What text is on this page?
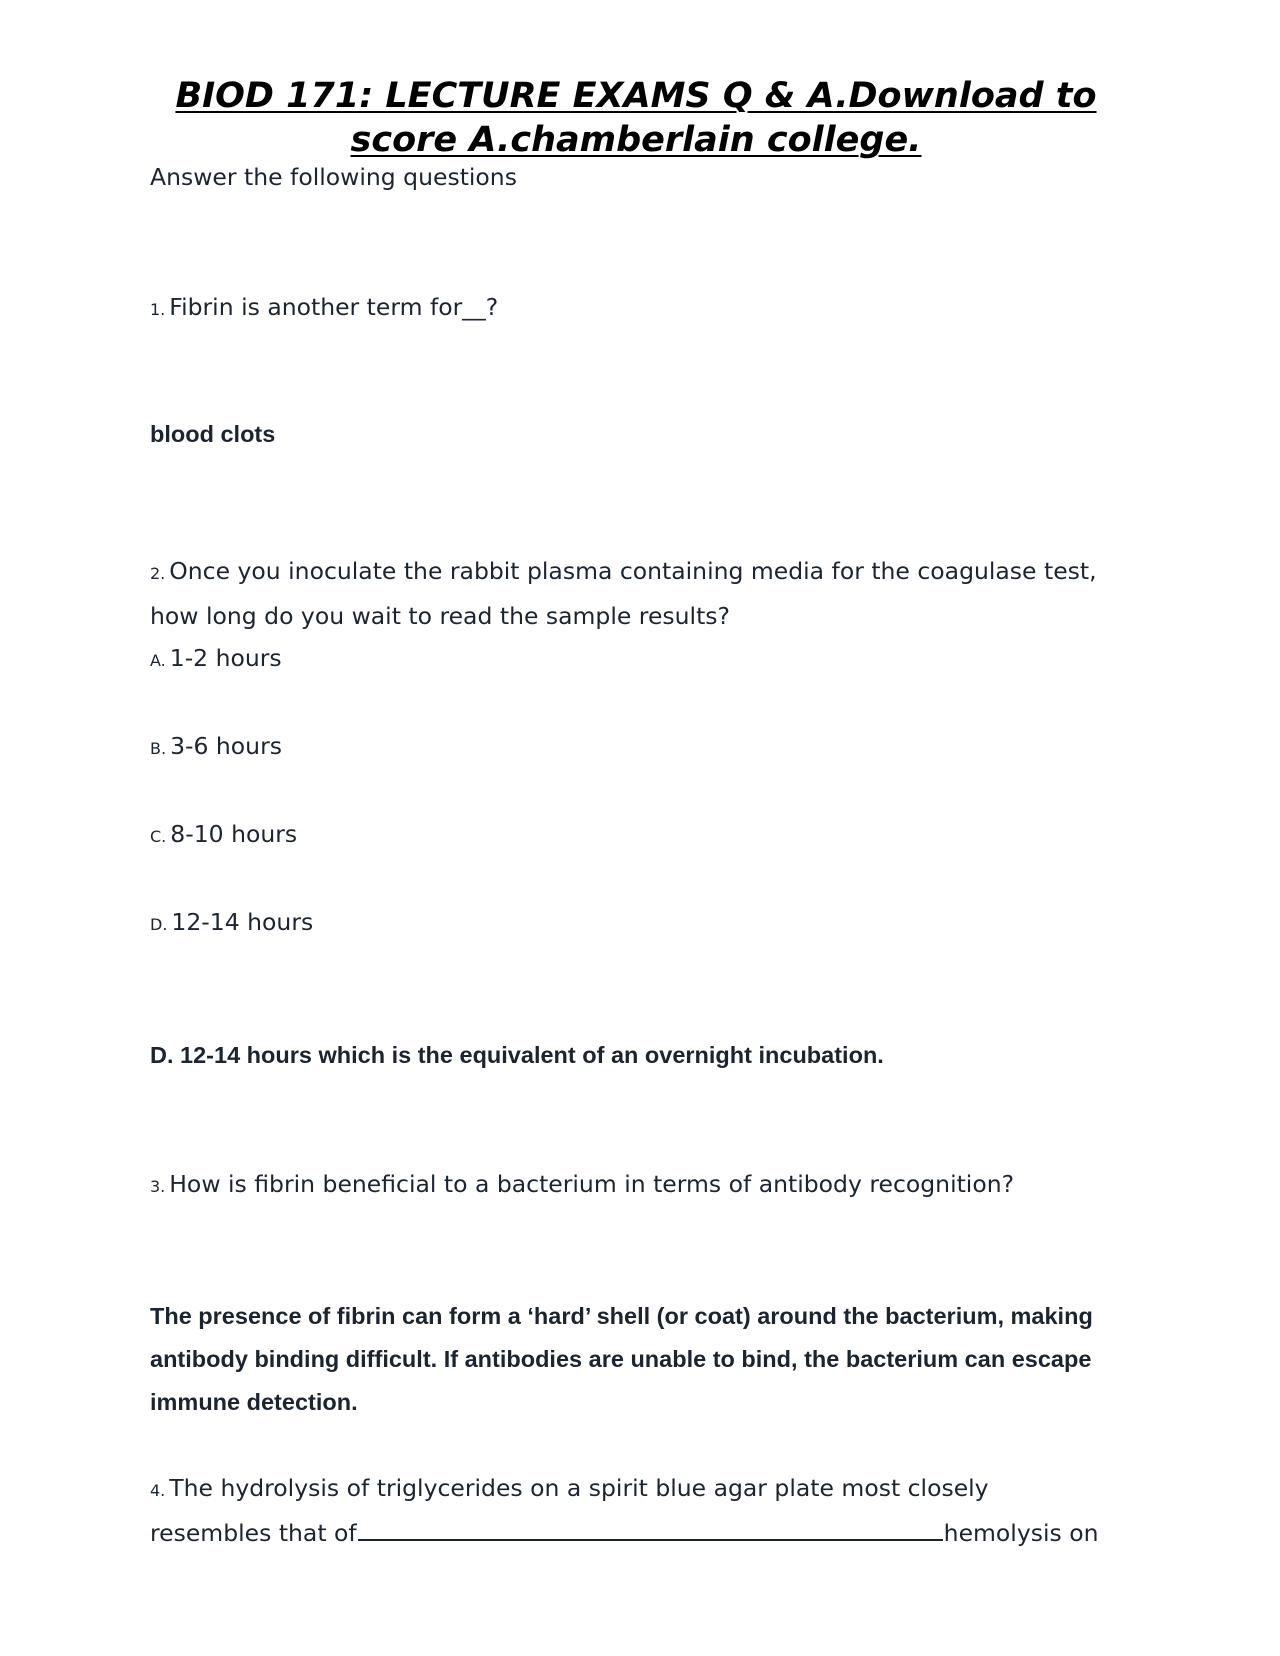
BIOD 171: LECTURE EXAMS Q & A.Download to score A.chamberlain college.

Answer the following questions

1. Fibrin is another term for__?

blood clots

2. Once you inoculate the rabbit plasma containing media for the coagulase test, how long do you wait to read the sample results?

A. 1-2 hours

B. 3-6 hours

C. 8-10 hours

D. 12-14 hours

D. 12-14 hours which is the equivalent of an overnight incubation.

3. How is fibrin beneficial to a bacterium in terms of antibody recognition?

The presence of fibrin can form a ‘hard’ shell (or coat) around the bacterium, making antibody binding difficult. If antibodies are unable to bind, the bacterium can escape immune detection.

4. The hydrolysis of triglycerides on a spirit blue agar plate most closely

resembles that of	hemolysis on
